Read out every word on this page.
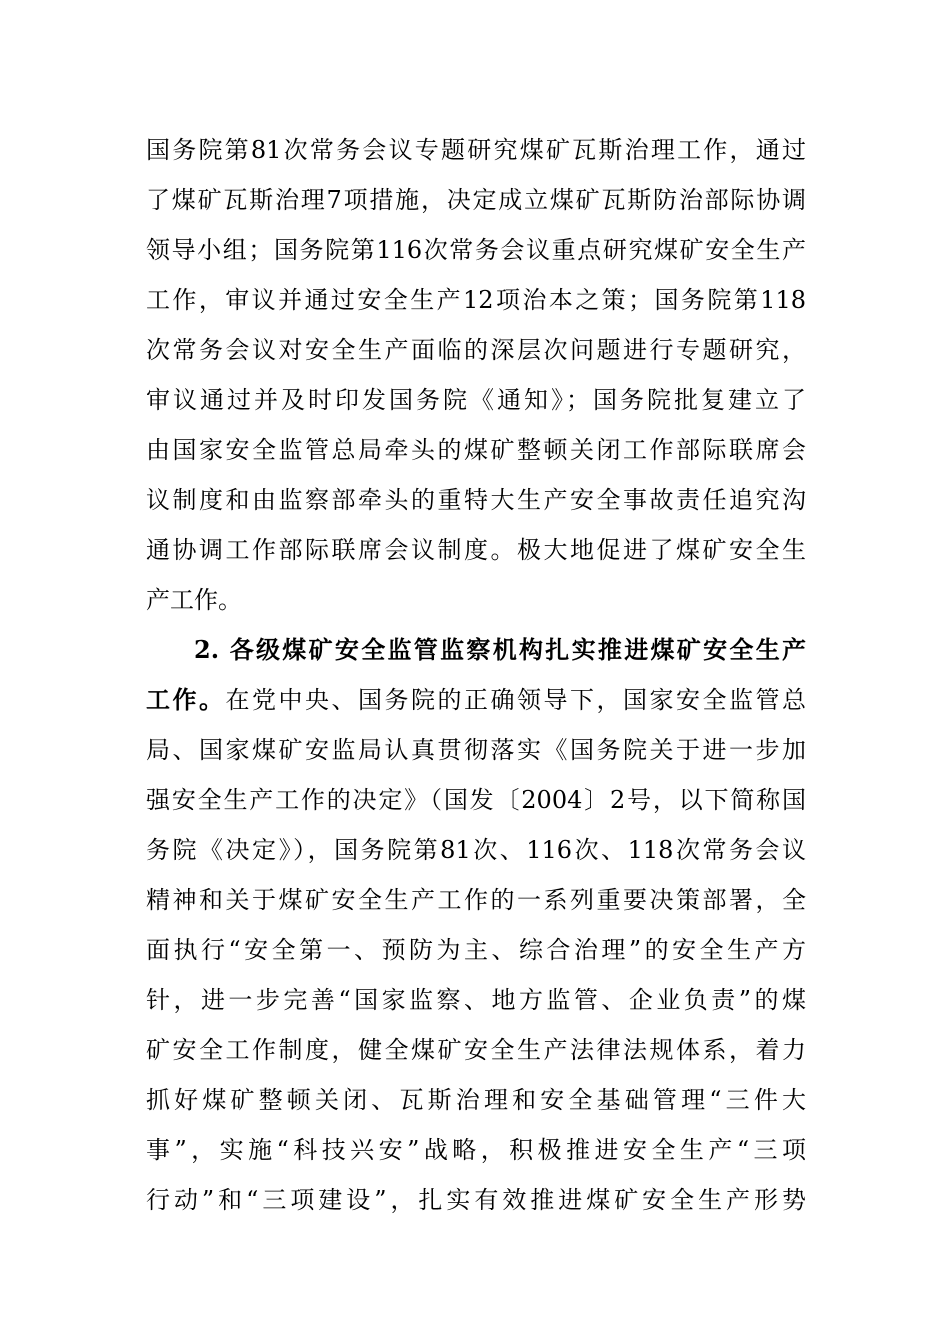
国务院第81次常务会议专题研究煤矿瓦斯治理工作，通过
了煤矿瓦斯治理7项措施，决定成立煤矿瓦斯防治部际协调
领导小组；国务院第116次常务会议重点研究煤矿安全生产
工作，审议并通过安全生产12项治本之策；国务院第118
次常务会议对安全生产面临的深层次问题进行专题研究，
审议通过并及时印发国务院《通知》；国务院批复建立了
由国家安全监管总局牵头的煤矿整顿关闭工作部际联席会
议制度和由监察部牵头的重特大生产安全事故责任追究沟
通协调工作部际联席会议制度。极大地促进了煤矿安全生
产工作。
2. 各级煤矿安全监管监察机构扎实推进煤矿安全生产
工作。在党中央、国务院的正确领导下，国家安全监管总
局、国家煤矿安监局认真贯彻落实《国务院关于进一步加
强安全生产工作的决定》（国发〔2004〕2号，以下简称国
务院《决定》），国务院第81次、116次、118次常务会议
精神和关于煤矿安全生产工作的一系列重要决策部署，全
面执行“安全第一、预防为主、综合治理”的安全生产方
针，进一步完善“国家监察、地方监管、企业负责”的煤
矿安全工作制度，健全煤矿安全生产法律法规体系，着力
抓好煤矿整顿关闭、瓦斯治理和安全基础管理“三件大
事”，实施“科技兴安”战略，积极推进安全生产“三项
行动”和“三项建设”，扎实有效推进煤矿安全生产形势
